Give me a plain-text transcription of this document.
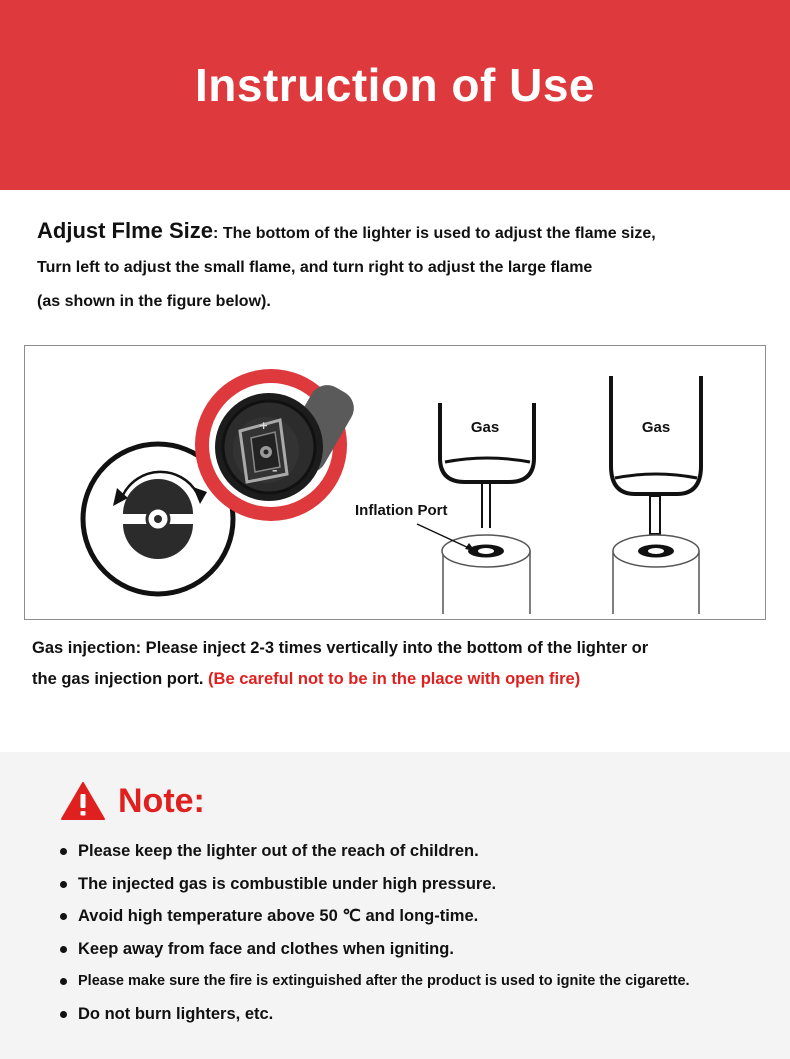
Instruction of Use
Adjust Flme Size: The bottom of the lighter is used to adjust the flame size,
Turn left to adjust the small flame, and turn right to adjust the large flame
(as shown in the figure below).
+
–
Gas
Inflation Port
Gas
Gas injection: Please inject 2-3 times vertically into the bottom of the lighter or
the gas injection port. (Be careful not to be in the place with open fire)
Note:
Please keep the lighter out of the reach of children.
The injected gas is combustible under high pressure.
Avoid high temperature above 50 ℃ and long-time.
Keep away from face and clothes when igniting.
Please make sure the fire is extinguished after the product is used to ignite the cigarette.
Do not burn lighters, etc.
